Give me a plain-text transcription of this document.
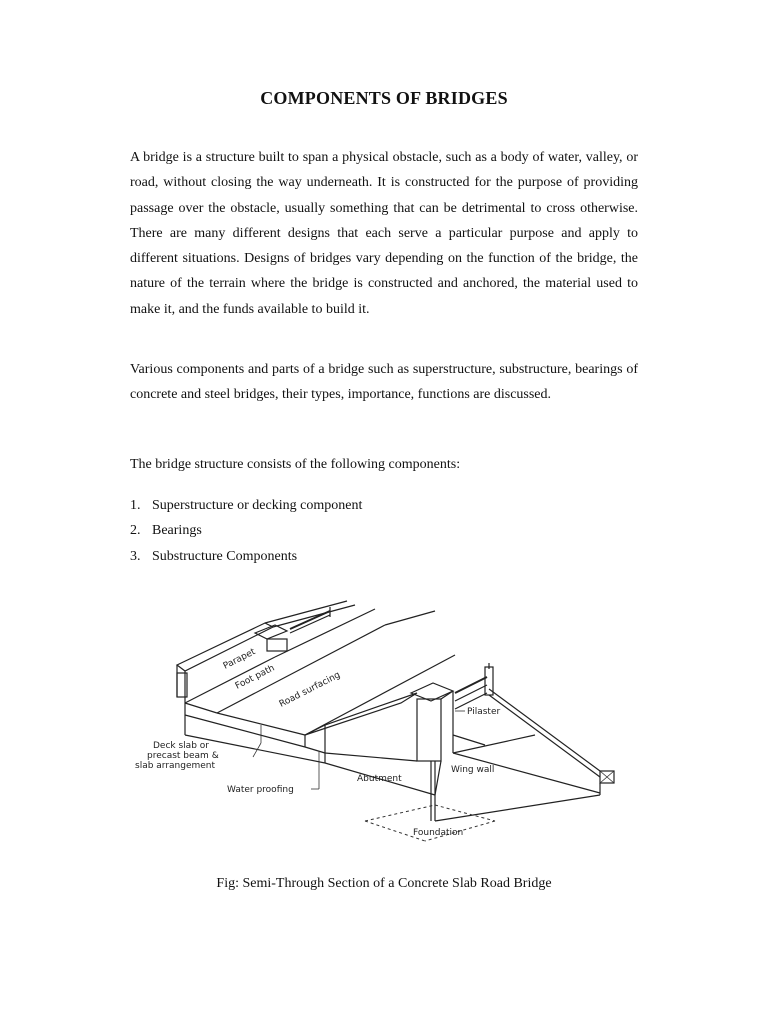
COMPONENTS OF BRIDGES

A bridge is a structure built to span a physical obstacle, such as a body of water, valley, or road, without closing the way underneath. It is constructed for the purpose of providing passage over the obstacle, usually something that can be detrimental to cross otherwise. There are many different designs that each serve a particular purpose and apply to different situations. Designs of bridges vary depending on the function of the bridge, the nature of the terrain where the bridge is constructed and anchored, the material used to make it, and the funds available to build it.

Various components and parts of a bridge such as superstructure, substructure, bearings of concrete and steel bridges, their types, importance, functions are discussed.

The bridge structure consists of the following components:

1. Superstructure or decking component
2. Bearings
3. Substructure Components
Parapet
Foot path Road surfacing
Pilaster
Deck slab or
precast beam &
slab arrangement	Wing wall
Abutment
Water proofing
Foundation

Fig: Semi-Through Section of a Concrete Slab Road Bridge
